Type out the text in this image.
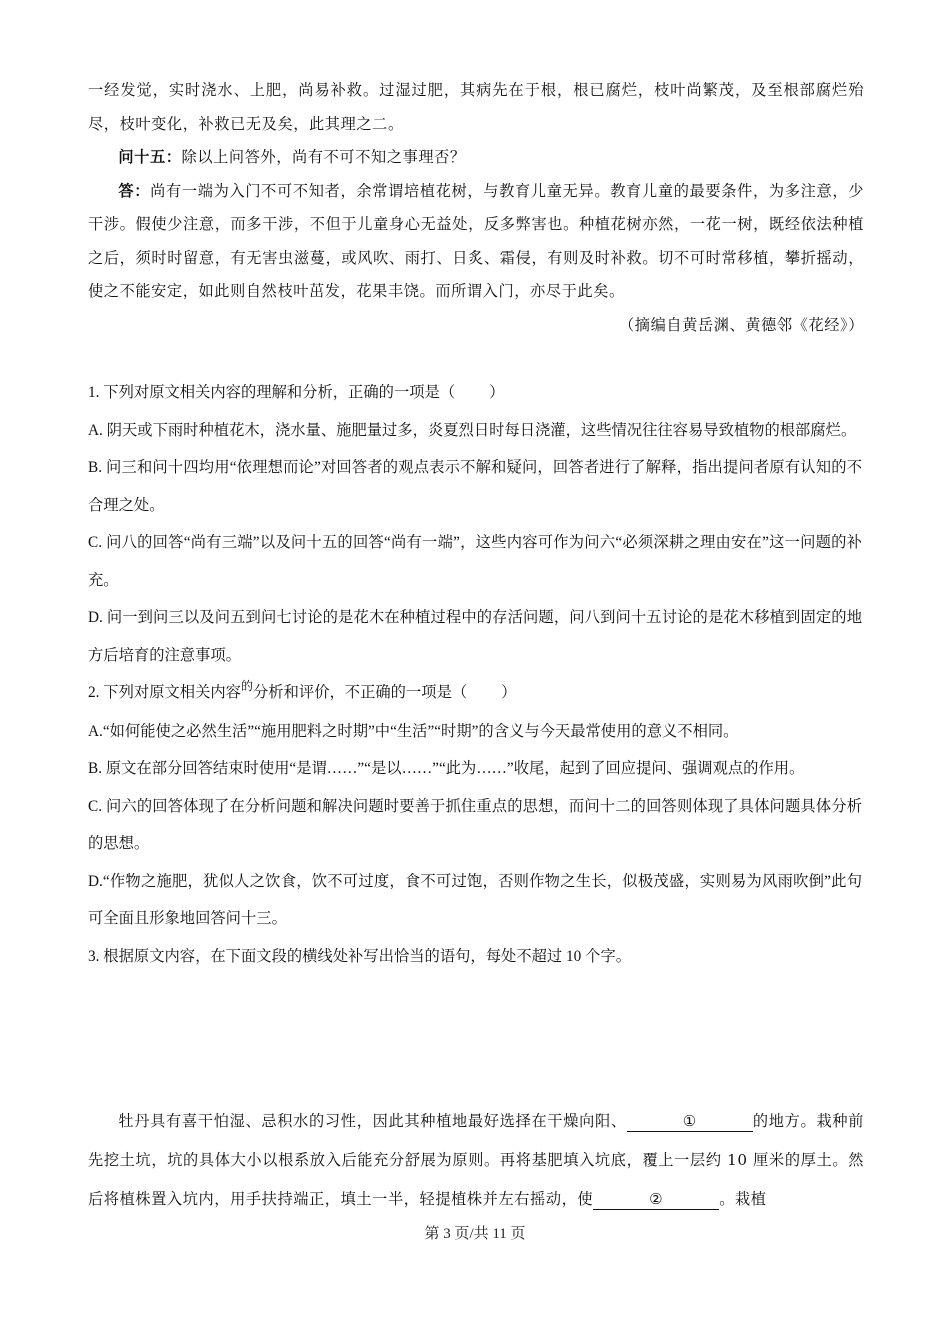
一经发觉，实时浇水、上肥，尚易补救。过湿过肥，其病先在于根，根已腐烂，枝叶尚繁茂，及至根部腐烂殆尽，枝叶变化，补救已无及矣，此其理之二。

问十五：除以上问答外，尚有不可不知之事理否？

答：尚有一端为入门不可不知者，余常谓培植花树，与教育儿童无异。教育儿童的最要条件，为多注意，少干涉。假使少注意，而多干涉，不但于儿童身心无益处，反多弊害也。种植花树亦然，一花一树，既经依法种植之后，须时时留意，有无害虫滋蔓，或风吹、雨打、日炙、霜侵，有则及时补救。切不可时常移植，攀折摇动，使之不能安定，如此则自然枝叶茁发，花果丰饶。而所谓入门，亦尽于此矣。

（摘编自黄岳渊、黄德邻《花经》）

1. 下列对原文相关内容的理解和分析，正确的一项是（ ）

A. 阴天或下雨时种植花木，浇水量、施肥量过多，炎夏烈日时每日浇灌，这些情况往往容易导致植物的根部腐烂。

B. 问三和问十四均用“依理想而论”对回答者的观点表示不解和疑问，回答者进行了解释，指出提问者原有认知的不合理之处。

C. 问八的回答“尚有三端”以及问十五的回答“尚有一端”，这些内容可作为问六“必须深耕之理由安在”这一问题的补充。

D. 问一到问三以及问五到问七讨论的是花木在种植过程中的存活问题，问八到问十五讨论的是花木移植到固定的地方后培育的注意事项。

2. 下列对原文相关内容$^的$分析和评价，不正确的一项是（ ）

A.“如何能使之必然生活”“施用肥料之时期”中“生活”“时期”的含义与今天最常使用的意义不相同。

B. 原文在部分回答结束时使用“是谓……”“是以……”“此为……”收尾，起到了回应提问、强调观点的作用。

C. 问六的回答体现了在分析问题和解决问题时要善于抓住重点的思想，而问十二的回答则体现了具体问题具体分析的思想。

D.“作物之施肥，犹似人之饮食，饮不可过度，食不可过饱，否则作物之生长，似极茂盛，实则易为风雨吹倒”此句可全面且形象地回答问十三。

3. 根据原文内容，在下面文段的横线处补写出恰当的语句，每处不超过 10 个字。

牡丹具有喜干怕湿、忌积水的习性，因此其种植地最好选择在干燥向阳、	①	的地方。栽种前先挖土坑，坑的具体大小以根系放入后能充分舒展为原则。再将基肥填入坑底，覆上一层约 10 厘米的厚土。然后将植株置入坑内，用手扶持端正，填土一半，轻提植株并左右摇动，使	②	。栽植

第 3 页/共 11 页
